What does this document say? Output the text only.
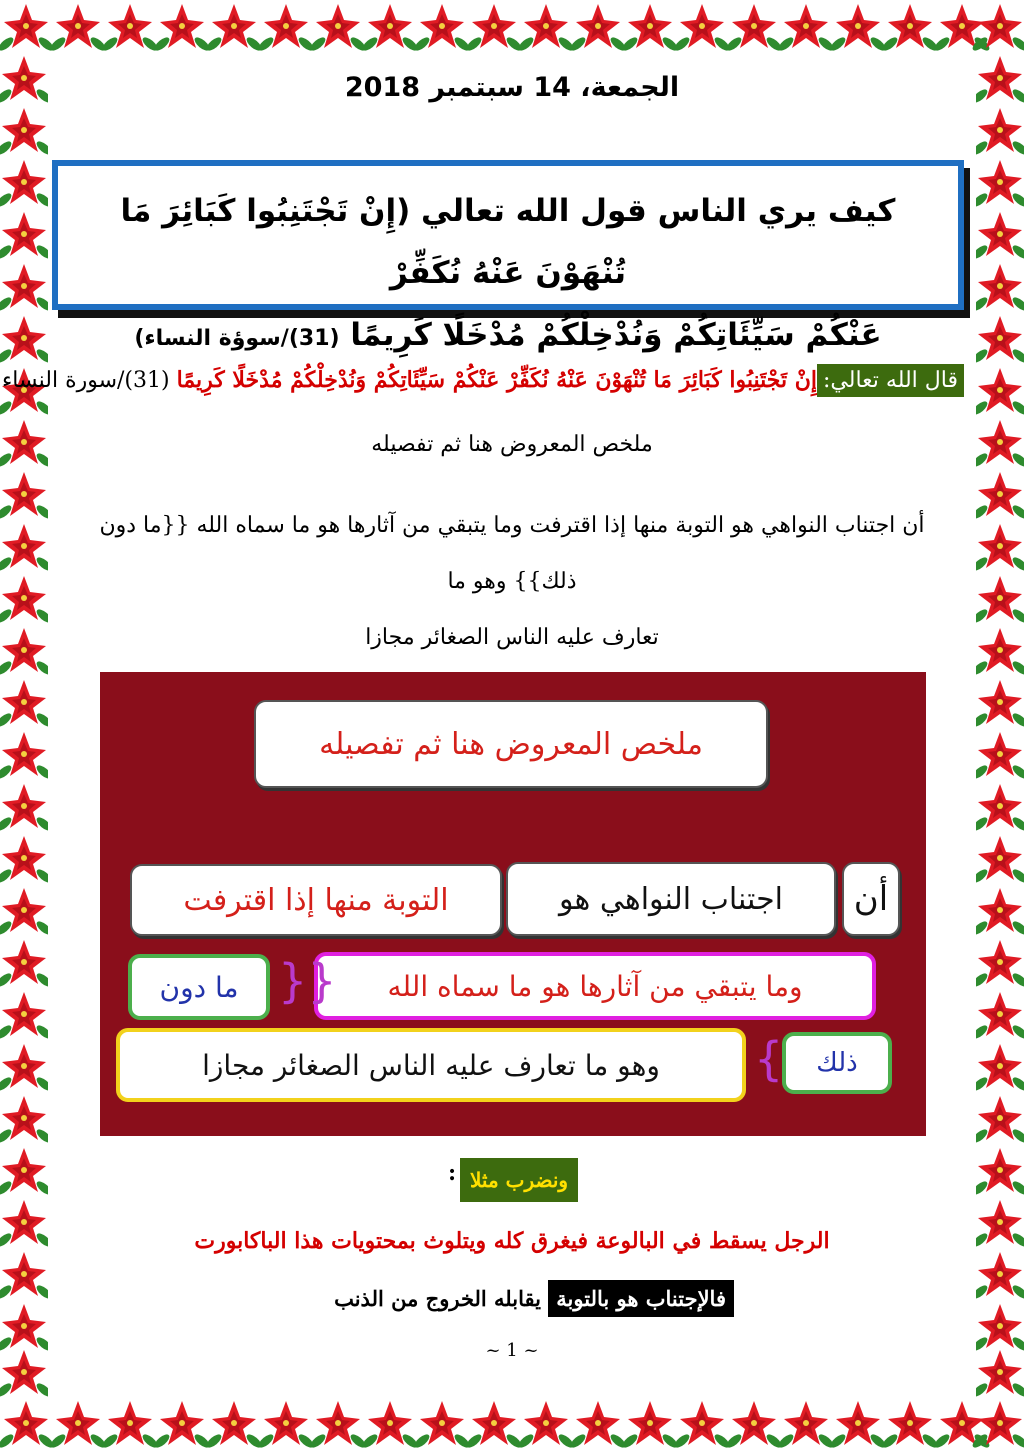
الجمعة، 14 سبتمبر 2018
كيف يري الناس قول الله تعالي (إِنْ تَجْتَنِبُوا كَبَائِرَ مَا تُنْهَوْنَ عَنْهُ نُكَفِّرْ
عَنْكُمْ سَيِّئَاتِكُمْ وَنُدْخِلْكُمْ مُدْخَلًا كَرِيمًا (31)/سوؤة النساء)
قال الله تعالي:إِنْ تَجْتَنِبُوا كَبَائِرَ مَا تُنْهَوْنَ عَنْهُ نُكَفِّرْ عَنْكُمْ سَيِّئَاتِكُمْ وَنُدْخِلْكُمْ مُدْخَلًا كَرِيمًا (31)/سورة النساء
ملخص المعروض هنا ثم تفصيله
أن اجتناب النواهي هو التوبة منها إذا اقترفت وما يتبقي من آثارها هو ما سماه الله {{ما دون ذلك}} وهو ما
تعارف عليه الناس الصغائر مجازا
ملخص المعروض هنا ثم تفصيله
أن
اجتناب النواهي هو
التوبة منها إذا اقترفت
وما يتبقي من آثارها هو ما سماه الله
{{
ما دون
ذلك
}
وهو ما تعارف عليه الناس الصغائر مجازا
ونضرب مثلا
:
الرجل يسقط في البالوعة فيغرق كله ويتلوث بمحتويات هذا الباكابورت
فالإجتناب هو بالتوبة يقابله الخروج من الذنب
~ 1 ~
